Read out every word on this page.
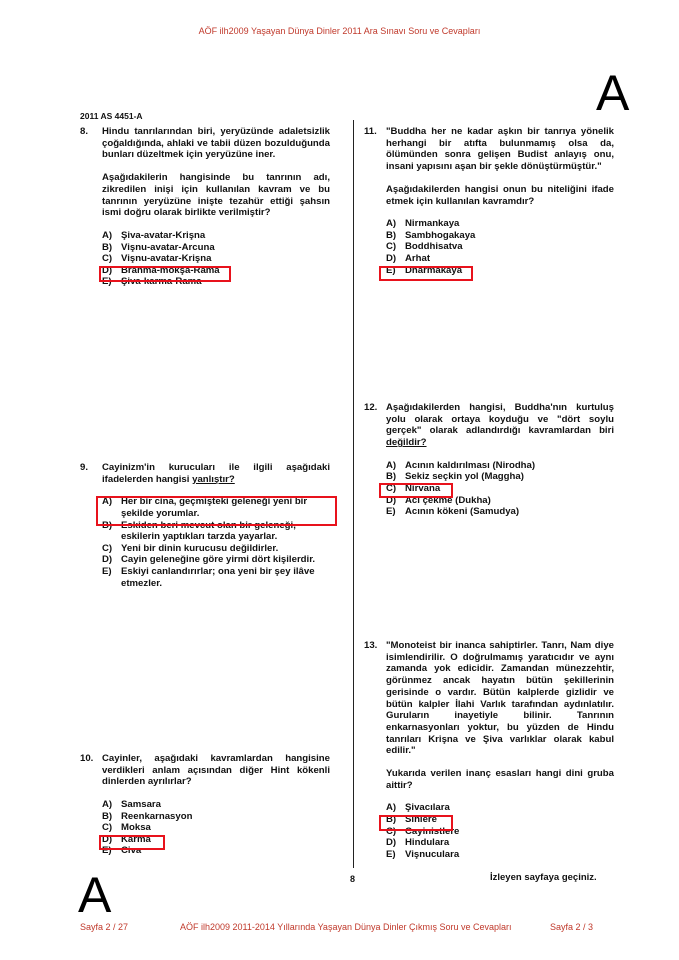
AÖF ilh2009 Yaşayan Dünya Dinler 2011 Ara Sınavı Soru ve Cevapları
A
2011 AS 4451-A
8. Hindu tanrılarından biri, yeryüzünde adaletsizlik çoğaldığında, ahlaki ve tabii düzen bozulduğunda bunları düzeltmek için yeryüzüne iner.

Aşağıdakilerin hangisinde bu tanrının adı, zikredilen inişi için kullanılan kavram ve bu tanrının yeryüzüne inişte tezahür ettiği şahsın ismi doğru olarak birlikte verilmiştir?

A) Şiva-avatar-Krişna
B) Vişnu-avatar-Arcuna
C) Vişnu-avatar-Krişna
D) Brahma-mokşa-Rama
E) Şiva-karma-Rama
9. Cayinizm'in kurucuları ile ilgili aşağıdaki ifadelerden hangisi yanlıştır?

A) Her bir cina, geçmişteki geleneği yeni bir şekilde yorumlar.
B) Eskiden beri mevcut olan bir geleneği, eskilerin yaptıkları tarzda yayarlar.
C) Yeni bir dinin kurucusu değildirler.
D) Cayin geleneğine göre yirmi dört kişilerdir.
E) Eskiyi canlandırırlar; ona yeni bir şey ilâve etmezler.
10. Cayinler, aşağıdaki kavramlardan hangisine verdikleri anlam açısından diğer Hint kökenli dinlerden ayrılırlar?

A) Samsara
B) Reenkarnasyon
C) Moksa
D) Karma
E) Civa
11. "Buddha her ne kadar aşkın bir tanrıya yönelik herhangi bir atıfta bulunmamış olsa da, ölümünden sonra gelişen Budist anlayış onu, insani yapısını aşan bir şekle dönüştürmüştür."

Aşağıdakilerden hangisi onun bu niteliğini ifade etmek için kullanılan kavramdır?

A) Nirmankaya
B) Sambhogakaya
C) Boddhisatva
D) Arhat
E) Dharmakaya
12. Aşağıdakilerden hangisi, Buddha'nın kurtuluş yolu olarak ortaya koyduğu ve "dört soylu gerçek" olarak adlandırdığı kavramlardan biri değildir?

A) Acının kaldırılması (Nirodha)
B) Sekiz seçkin yol (Maggha)
C) Nirvana
D) Acı çekme (Dukha)
E) Acının kökeni (Samudya)
13. "Monoteist bir inanca sahiptirler. Tanrı, Nam diye isimlendirilir. O doğrulmamış yaratıcıdır ve aynı zamanda yok edicidir. Zamandan münezzehtir, görünmez ancak hayatın bütün şekillerinin gerisinde o vardır. Bütün kalplerde gizlidir ve bütün kalpler İlahi Varlık tarafından aydınlatılır. Guruların inayetiyle bilinir. Tanrının enkarnasyonları yoktur, bu yüzden de Hindu tanrıları Krişna ve Şiva varlıklar olarak kabul edilir."

Yukarıda verilen inanç esasları hangi dini gruba aittir?

A) Şivacılara
B) Sihlere
C) Cayinistlere
D) Hindulara
E) Vişnuculara
8	İzleyen sayfaya geçiniz.
A
Sayfa 2 / 27	AÖF ilh2009 2011-2014 Yıllarında Yaşayan Dünya Dinler Çıkmış Soru ve Cevapları	Sayfa 2 / 3
